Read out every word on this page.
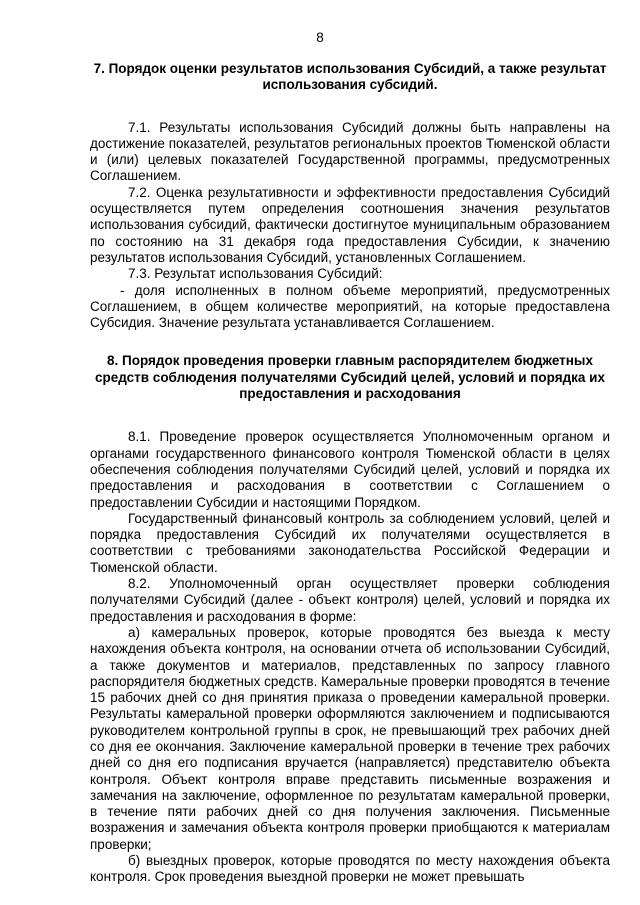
8

7. Порядок оценки результатов использования Субсидий, а также результат использования субсидий.

7.1. Результаты использования Субсидий должны быть направлены на достижение показателей, результатов региональных проектов Тюменской области и (или) целевых показателей Государственной программы, предусмотренных Соглашением.

7.2. Оценка результативности и эффективности предоставления Субсидий осуществляется путем определения соотношения значения результатов использования субсидий, фактически достигнутое муниципальным образованием по состоянию на 31 декабря года предоставления Субсидии, к значению результатов использования Субсидий, установленных Соглашением.

7.3. Результат использования Субсидий:

- доля исполненных в полном объеме мероприятий, предусмотренных Соглашением, в общем количестве мероприятий, на которые предоставлена Субсидия. Значение результата устанавливается Соглашением.

8. Порядок проведения проверки главным распорядителем бюджетных средств соблюдения получателями Субсидий целей, условий и порядка их предоставления и расходования

8.1. Проведение проверок осуществляется Уполномоченным органом и органами государственного финансового контроля Тюменской области в целях обеспечения соблюдения получателями Субсидий целей, условий и порядка их предоставления и расходования в соответствии с Соглашением о предоставлении Субсидии и настоящими Порядком.

Государственный финансовый контроль за соблюдением условий, целей и порядка предоставления Субсидий их получателями осуществляется в соответствии с требованиями законодательства Российской Федерации и Тюменской области.

8.2. Уполномоченный орган осуществляет проверки соблюдения получателями Субсидий (далее - объект контроля) целей, условий и порядка их предоставления и расходования в форме:

а) камеральных проверок, которые проводятся без выезда к месту нахождения объекта контроля, на основании отчета об использовании Субсидий, а также документов и материалов, представленных по запросу главного распорядителя бюджетных средств. Камеральные проверки проводятся в течение 15 рабочих дней со дня принятия приказа о проведении камеральной проверки. Результаты камеральной проверки оформляются заключением и подписываются руководителем контрольной группы в срок, не превышающий трех рабочих дней со дня ее окончания. Заключение камеральной проверки в течение трех рабочих дней со дня его подписания вручается (направляется) представителю объекта контроля. Объект контроля вправе представить письменные возражения и замечания на заключение, оформленное по результатам камеральной проверки, в течение пяти рабочих дней со дня получения заключения. Письменные возражения и замечания объекта контроля проверки приобщаются к материалам проверки;

б) выездных проверок, которые проводятся по месту нахождения объекта контроля. Срок проведения выездной проверки не может превышать
